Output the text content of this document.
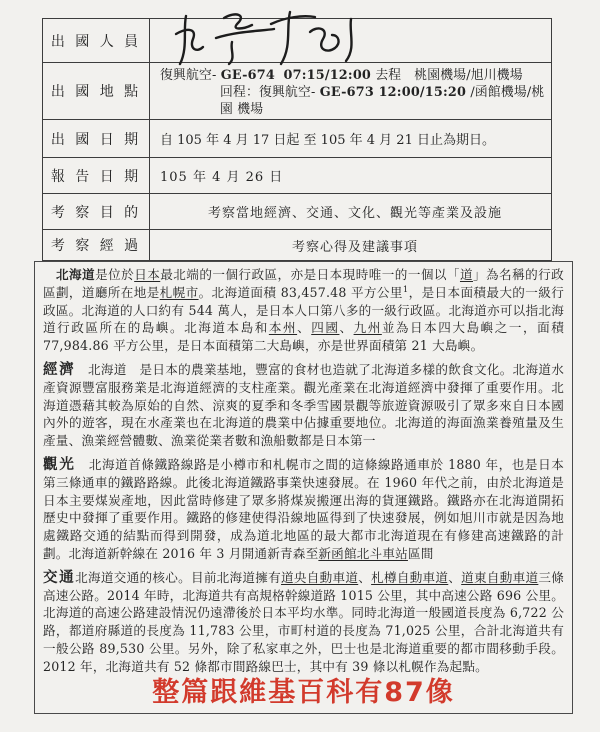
出 國 人 員	

出 國 地 點	復興航空- GE-674 07:15/12:00 去程　桃園機場/旭川機場
回程：復興航空- GE-673 12:00/15:20 /函館機場/桃園 機場

出 國 日 期	自 105 年 4 月 17 日起 至 105 年 4 月 21 日止為期日。
報 告 日 期	105 年 4 月 26 日
考 察 目 的	考察當地經濟、交通、文化、觀光等產業及設施
考 察 經 過	考察心得及建議事項

北海道是位於日本最北端的一個行政區，亦是日本現時唯一的一個以「道」為名稱的行政區劃，道廳所在地是札幌市。北海道面積 83,457.48 平方公里$^1$，是日本面積最大的一級行政區。北海道的人口約有 544 萬人，是日本人口第八多的一級行政區。北海道亦可以指北海道行政區所在的島嶼。北海道本島和本州、四國、九州並為日本四大島嶼之一，面積 77,984.86 平方公里，是日本面積第二大島嶼，亦是世界面積第 21 大島嶼。

經濟　北海道　是日本的農業基地，豐富的食材也造就了北海道多樣的飲食文化。北海道水產資源豐富服務業是北海道經濟的支柱產業。觀光產業在北海道經濟中發揮了重要作用。北海道憑藉其較為原始的自然、涼爽的夏季和冬季雪國景觀等旅遊資源吸引了眾多來自日本國內外的遊客，現在水產業也在北海道的農業中佔據重要地位。北海道的海面漁業養殖量及生產量、漁業經營體數、漁業從業者數和漁船數都是日本第一

觀光　北海道首條鐵路線路是小樽市和札幌市之間的這條線路通車於 1880 年，也是日本第三條通車的鐵路路線。此後北海道鐵路事業快速發展。在 1960 年代之前，由於北海道是日本主要煤炭產地，因此當時修建了眾多將煤炭搬運出海的貨運鐵路。鐵路亦在北海道開拓歷史中發揮了重要作用。鐵路的修建使得沿線地區得到了快速發展，例如旭川市就是因為地處鐵路交通的結點而得到開發，成為道北地區的最大都市北海道現在有修建高速鐵路的計劃。北海道新幹線在 2016 年 3 月開通新青森至新函館北斗車站區間

交通北海道交通的核心。目前北海道擁有道央自動車道、札樽自動車道、道東自動車道三條高速公路。2014 年時，北海道共有高規格幹線道路 1015 公里，其中高速公路 696 公里。北海道的高速公路建設情況仍遠滯後於日本平均水準。同時北海道一般國道長度為 6,722 公路，都道府縣道的長度為 11,783 公里，市町村道的長度為 71,025 公里，合計北海道共有一般公路 89,530 公里。另外，除了私家車之外，巴士也是北海道重要的都市間移動手段。2012 年，北海道共有 52 條都市間路線巴士，其中有 39 條以札幌作為起點。

整篇跟維基百科有87像
